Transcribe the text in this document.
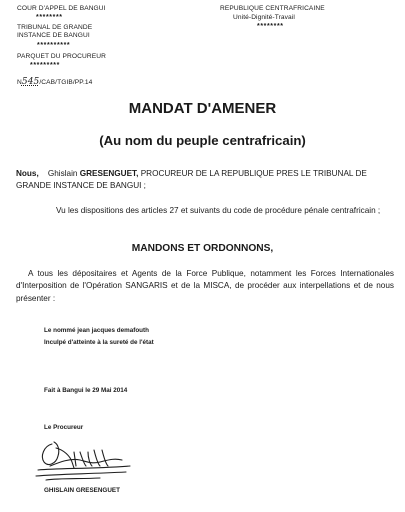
COUR D'APPEL DE BANGUI
********
TRIBUNAL DE GRANDE
INSTANCE DE BANGUI
**********
PARQUET DU PROCUREUR
*********
N545/CAB/TGIB/PP.14
REPUBLIQUE CENTRAFRICAINE
Unité-Dignité-Travail
********
MANDAT D'AMENER
(Au nom du peuple centrafricain)
Nous, Ghislain GRESENGUET, PROCUREUR DE LA REPUBLIQUE PRES LE TRIBUNAL DE GRANDE INSTANCE DE BANGUI ;
Vu les dispositions des articles 27 et suivants du code de procédure pénale centrafricain ;
MANDONS ET ORDONNONS,
A tous les dépositaires et Agents de la Force Publique, notamment les Forces Internationales d'Interposition de l'Opération SANGARIS et de la MISCA, de procéder aux interpellations et de nous présenter :
Le nommé jean jacques demafouth
Inculpé d'atteinte à la sureté de l'état
Fait à Bangui le 29 Mai 2014
Le Procureur
GHISLAIN GRESENGUET
